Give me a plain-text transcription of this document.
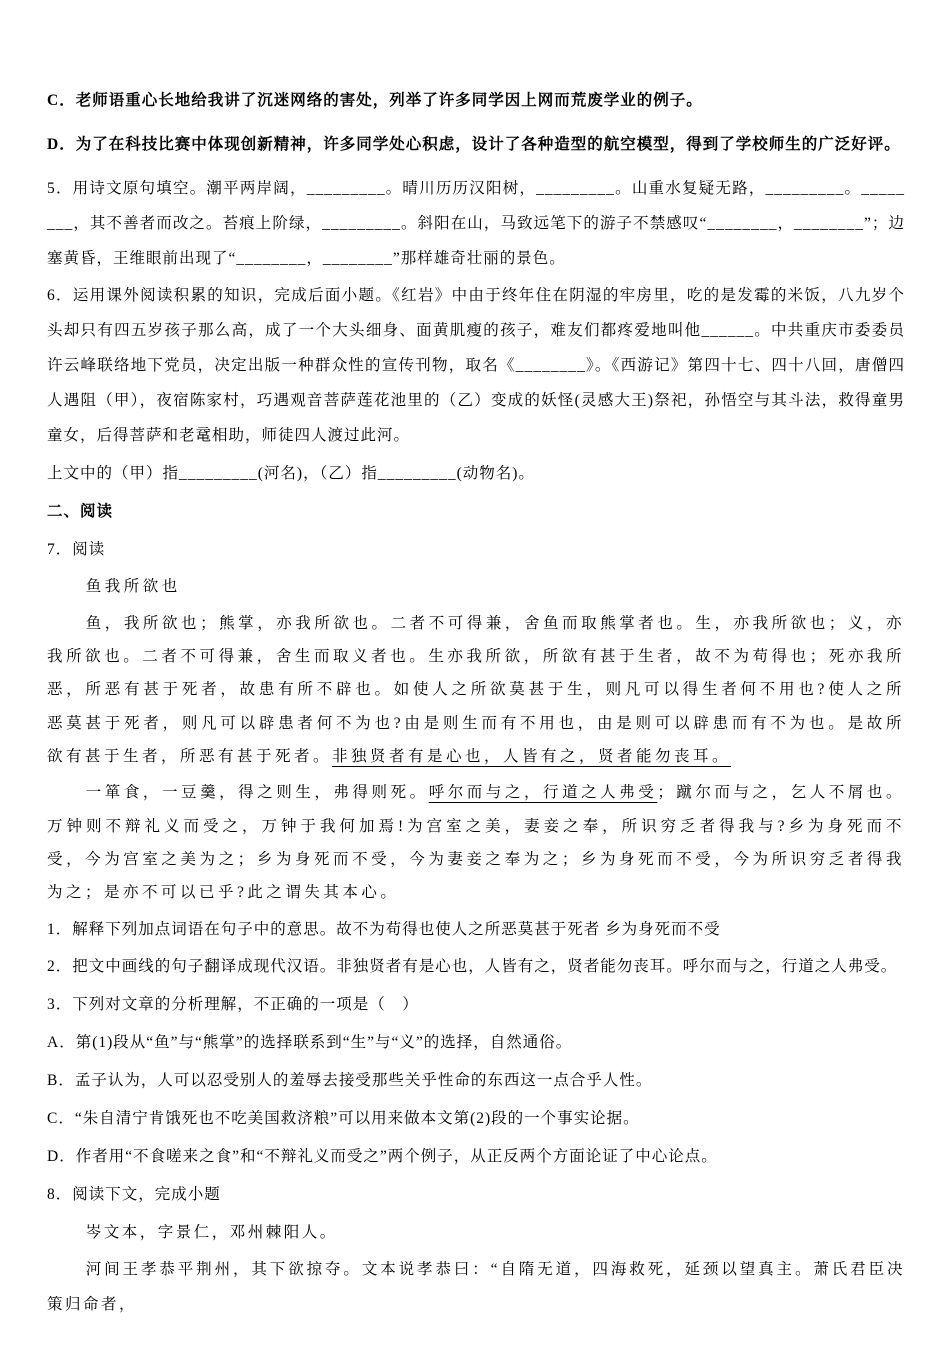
C．老师语重心长地给我讲了沉迷网络的害处，列举了许多同学因上网而荒废学业的例子。

D．为了在科技比赛中体现创新精神，许多同学处心积虑，设计了各种造型的航空模型，得到了学校师生的广泛好评。

5．用诗文原句填空。潮平两岸阔，_________。晴川历历汉阳树，_________。山重水复疑无路，_________。________，其不善者而改之。苔痕上阶绿，_________。斜阳在山，马致远笔下的游子不禁感叹“________，________”；边塞黄昏，王维眼前出现了“________，________”那样雄奇壮丽的景色。

6．运用课外阅读积累的知识，完成后面小题。《红岩》中由于终年住在阴湿的牢房里，吃的是发霉的米饭，八九岁个头却只有四五岁孩子那么高，成了一个大头细身、面黄肌瘦的孩子，难友们都疼爱地叫他______。中共重庆市委委员许云峰联络地下党员，决定出版一种群众性的宣传刊物，取名《________》。《西游记》第四十七、四十八回，唐僧四人遇阻（甲），夜宿陈家村，巧遇观音菩萨莲花池里的（乙）变成的妖怪(灵感大王)祭祀，孙悟空与其斗法，救得童男童女，后得菩萨和老鼋相助，师徒四人渡过此河。

上文中的（甲）指_________(河名)，（乙）指_________(动物名)。

二、阅读

7．阅读

鱼我所欲也

鱼，我所欲也；熊掌，亦我所欲也。二者不可得兼，舍鱼而取熊掌者也。生，亦我所欲也；义，亦我所欲也。二者不可得兼，舍生而取义者也。生亦我所欲，所欲有甚于生者，故不为苟得也；死亦我所恶，所恶有甚于死者，故患有所不辟也。如使人之所欲莫甚于生，则凡可以得生者何不用也?使人之所恶莫甚于死者，则凡可以辟患者何不为也?由是则生而有不用也，由是则可以辟患而有不为也。是故所欲有甚于生者，所恶有甚于死者。非独贤者有是心也，人皆有之，贤者能勿丧耳。

一箪食，一豆羹，得之则生，弗得则死。呼尔而与之，行道之人弗受；蹴尔而与之，乞人不屑也。万钟则不辩礼义而受之，万钟于我何加焉!为宫室之美，妻妾之奉，所识穷乏者得我与?乡为身死而不受，今为宫室之美为之；乡为身死而不受，今为妻妾之奉为之；乡为身死而不受，今为所识穷乏者得我为之；是亦不可以已乎?此之谓失其本心。

1．解释下列加点词语在句子中的意思。故不为苟得也使人之所恶莫甚于死者 乡为身死而不受

2．把文中画线的句子翻译成现代汉语。非独贤者有是心也，人皆有之，贤者能勿丧耳。呼尔而与之，行道之人弗受。

3．下列对文章的分析理解，不正确的一项是（　）

A．第(1)段从“鱼”与“熊掌”的选择联系到“生”与“义”的选择，自然通俗。

B．孟子认为，人可以忍受别人的羞辱去接受那些关乎性命的东西这一点合乎人性。

C．“朱自清宁肯饿死也不吃美国救济粮”可以用来做本文第(2)段的一个事实论据。

D．作者用“不食嗟来之食”和“不辩礼义而受之”两个例子，从正反两个方面论证了中心论点。

8．阅读下文，完成小题

岑文本，字景仁，邓州棘阳人。

河间王孝恭平荆州，其下欲掠夺。文本说孝恭曰：“自隋无道，四海救死，延颈以望真主。萧氏君臣决策归命者，
